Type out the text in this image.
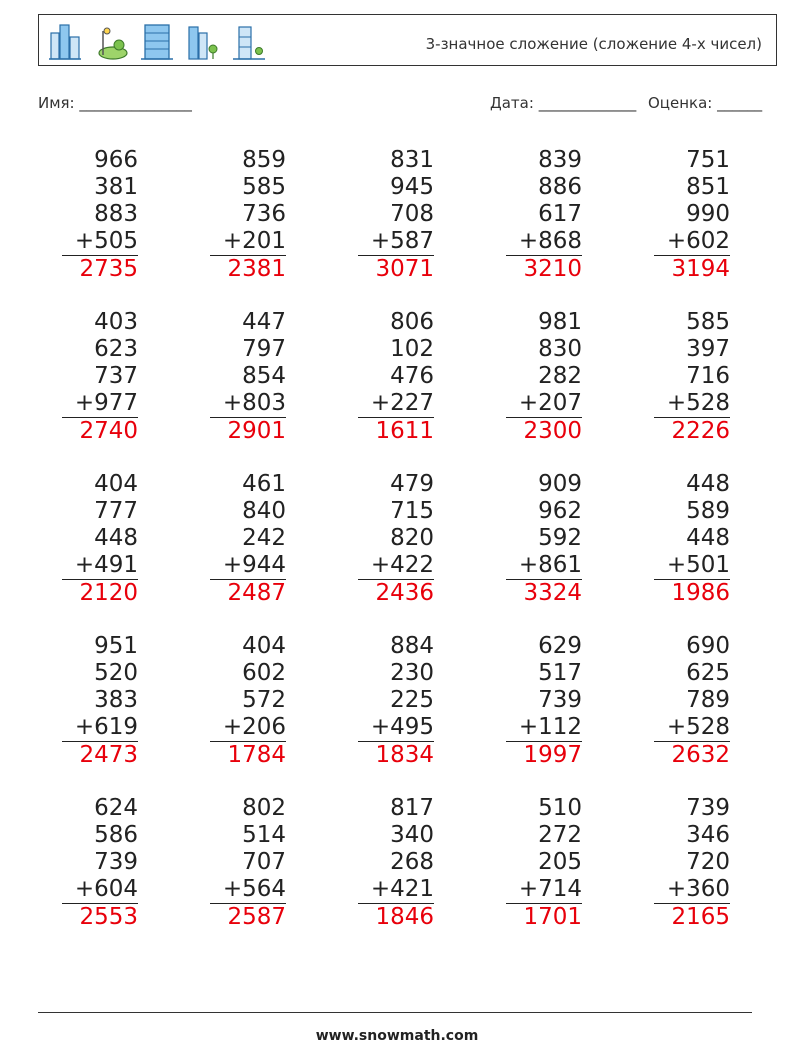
3-значное сложение (сложение 4-х чисел)
Имя: _______________	Дата: _____________ Оценка: ______
966
381
883
+505
2735
859
585
736
+201
2381
831
945
708
+587
3071
839
886
617
+868
3210
751
851
990
+602
3194
403
623
737
+977
2740
447
797
854
+803
2901
806
102
476
+227
1611
981
830
282
+207
2300
585
397
716
+528
2226
404
777
448
+491
2120
461
840
242
+944
2487
479
715
820
+422
2436
909
962
592
+861
3324
448
589
448
+501
1986
951
520
383
+619
2473
404
602
572
+206
1784
884
230
225
+495
1834
629
517
739
+112
1997
690
625
789
+528
2632
624
586
739
+604
2553
802
514
707
+564
2587
817
340
268
+421
1846
510
272
205
+714
1701
739
346
720
+360
2165
www.snowmath.com
